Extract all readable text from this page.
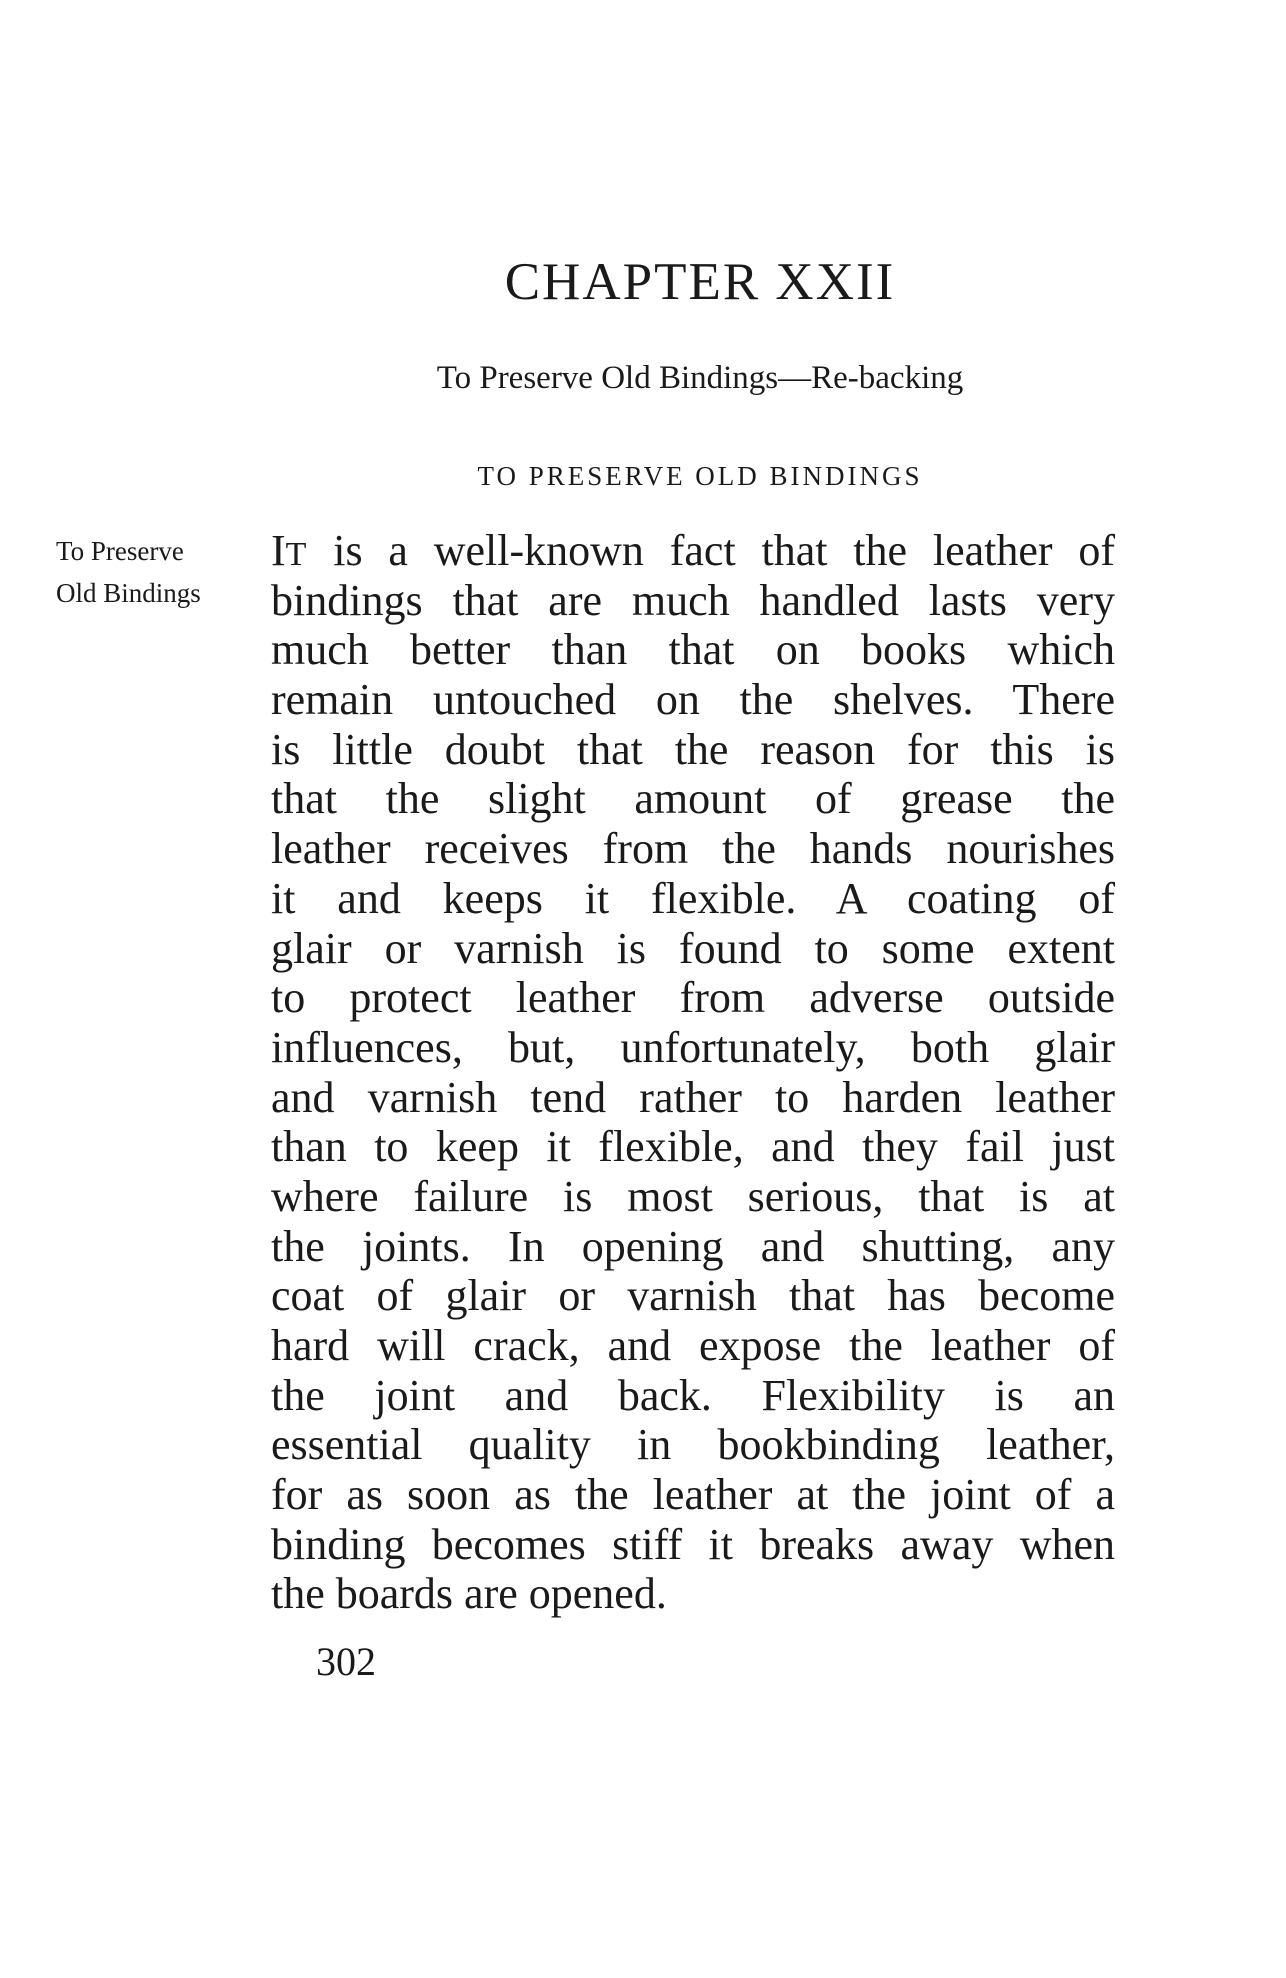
CHAPTER XXII

To Preserve Old Bindings—Re-backing

TO PRESERVE OLD BINDINGS
To Preserve
Old Bindings
IT is a well-known fact that the leather of
bindings that are much handled lasts very
much better than that on books which
remain untouched on the shelves. There
is little doubt that the reason for this is
that the slight amount of grease the
leather receives from the hands nourishes
it and keeps it flexible. A coating of
glair or varnish is found to some extent
to protect leather from adverse outside
influences, but, unfortunately, both glair
and varnish tend rather to harden leather
than to keep it flexible, and they fail just
where failure is most serious, that is at
the joints. In opening and shutting, any
coat of glair or varnish that has become
hard will crack, and expose the leather of
the joint and back. Flexibility is an
essential quality in bookbinding leather,
for as soon as the leather at the joint of a
binding becomes stiff it breaks away when
the boards are opened.

302
